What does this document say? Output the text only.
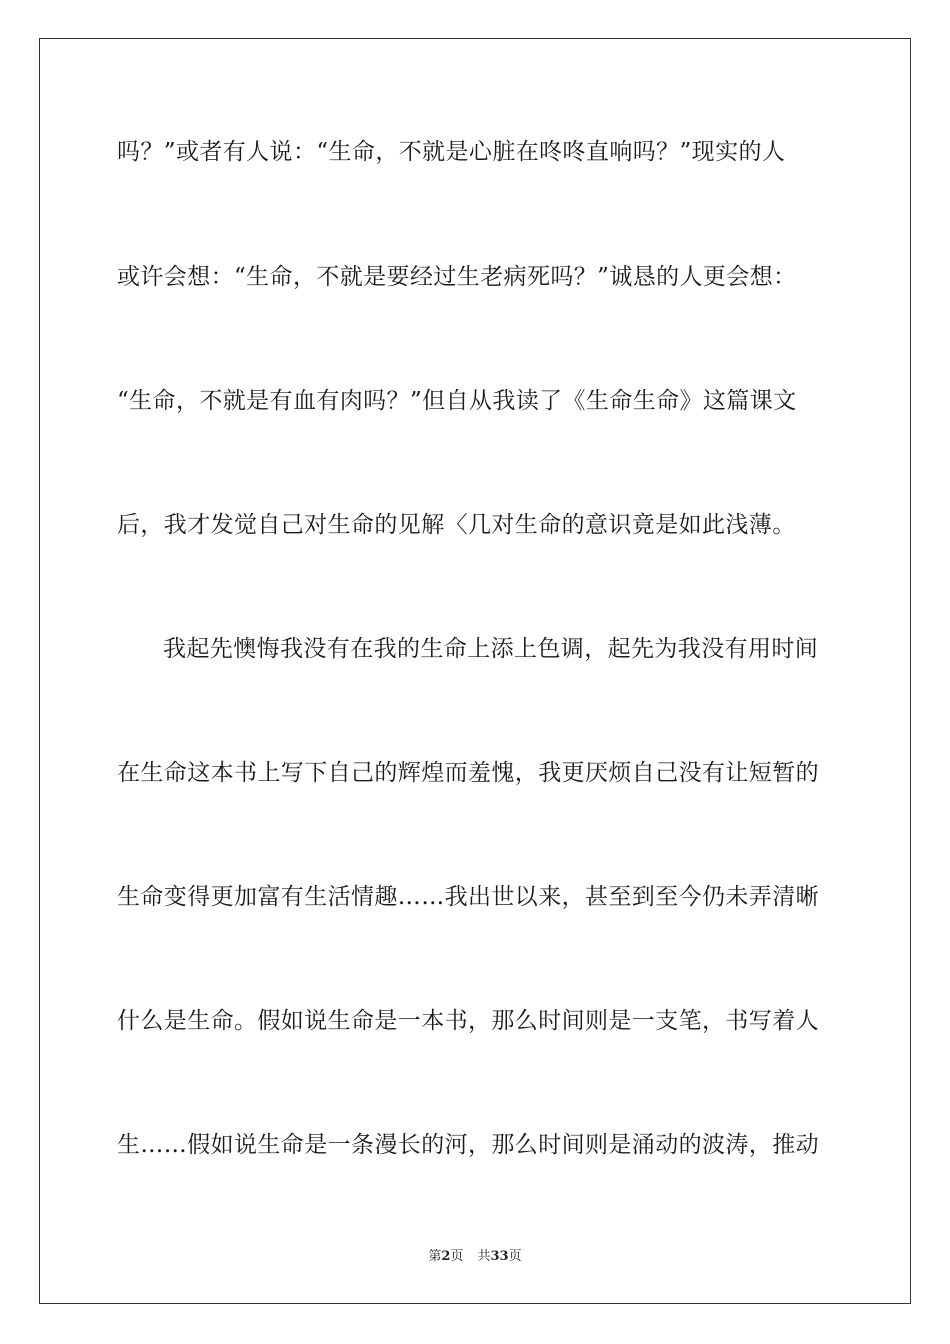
吗？”或者有人说：“生命，不就是心脏在咚咚直响吗？”现实的人
或许会想：“生命，不就是要经过生老病死吗？”诚恳的人更会想：
“生命，不就是有血有肉吗？”但自从我读了《生命生命》这篇课文
后，我才发觉自己对生命的见解〈几对生命的意识竟是如此浅薄。
我起先懊悔我没有在我的生命上添上色调，起先为我没有用时间
在生命这本书上写下自己的辉煌而羞愧，我更厌烦自己没有让短暂的
生命变得更加富有生活情趣……我出世以来，甚至到至今仍未弄清晰
什么是生命。假如说生命是一本书，那么时间则是一支笔，书写着人
生……假如说生命是一条漫长的河，那么时间则是涌动的波涛，推动
第2页 共33页
